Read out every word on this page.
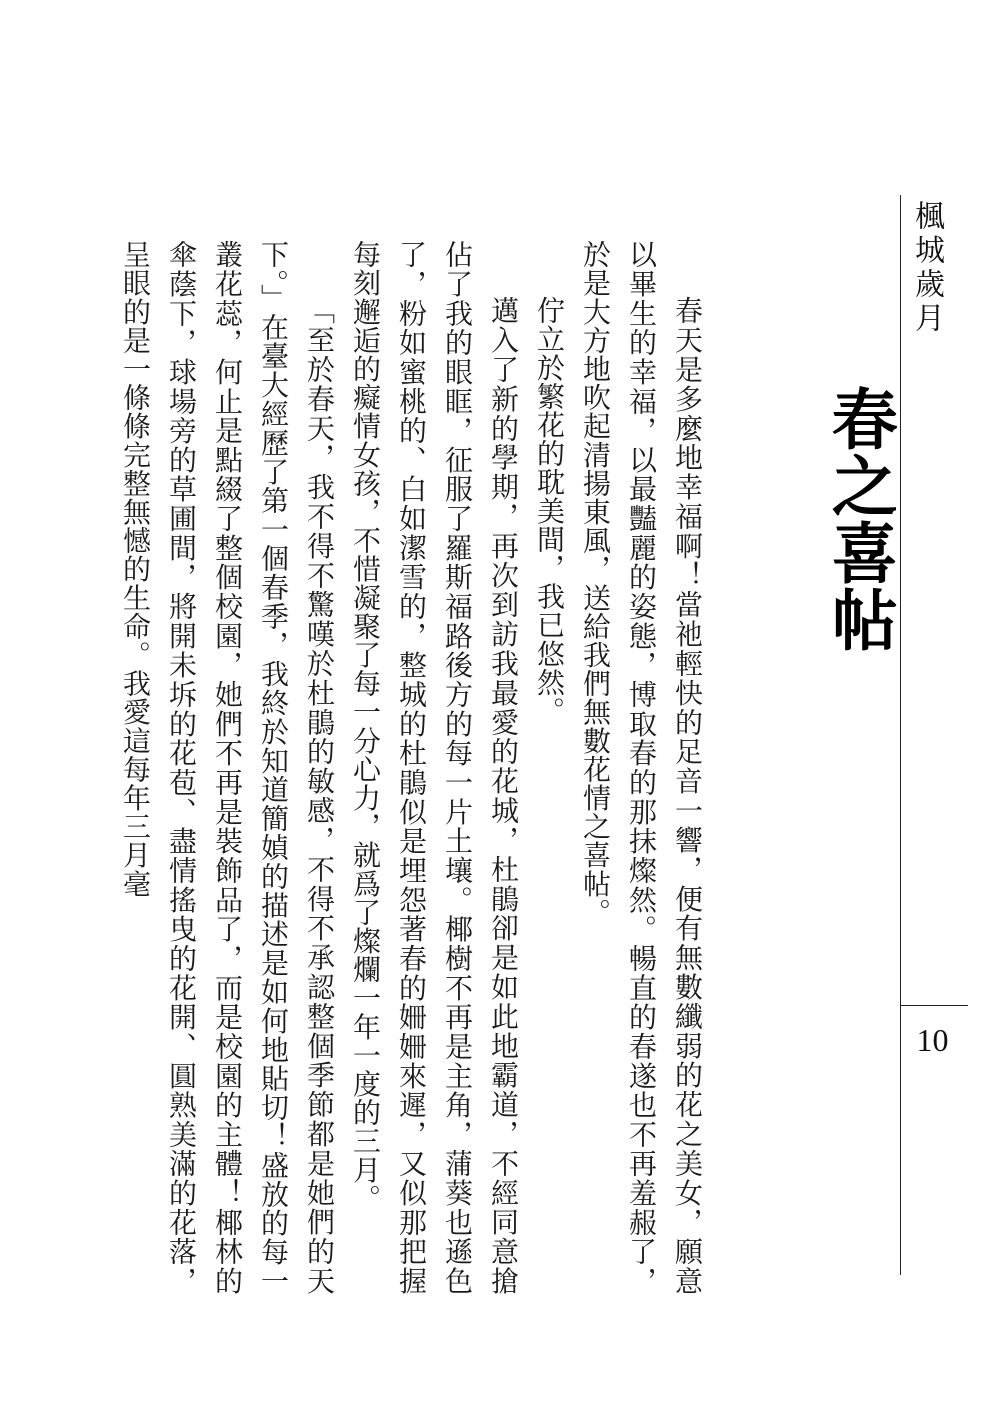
楓城歲月
10
春之喜帖

春天是多麼地幸福啊！當祂輕快的足音一響，便有無數纖弱的花之美女，願意以畢生的幸福，以最豔麗的姿態，博取春的那抹燦然。暢直的春遂也不再羞赧了，於是大方地吹起清揚東風，送給我們無數花情之喜帖。

佇立於繁花的耽美間，我已悠然。

邁入了新的學期，再次到訪我最愛的花城，杜鵑卻是如此地霸道，不經同意搶佔了我的眼眶，征服了羅斯福路後方的每一片土壤。椰樹不再是主角，蒲葵也遜色了，粉如蜜桃的、白如潔雪的，整城的杜鵑似是埋怨著春的姍姍來遲，又似那把握每刻邂逅的癡情女孩，不惜凝聚了每一分心力，就爲了燦爛一年一度的三月。

「至於春天，我不得不驚嘆於杜鵑的敏感，不得不承認整個季節都是她們的天下。」在臺大經歷了第一個春季，我終於知道簡媜的描述是如何地貼切！盛放的每一叢花蕊，何止是點綴了整個校園，她們不再是裝飾品了，而是校園的主體！椰林的傘蔭下，球場旁的草圃間，將開未坼的花苞、盡情搖曳的花開、圓熟美滿的花落，呈眼的是一條條完整無憾的生命。我愛這每年三月毫
